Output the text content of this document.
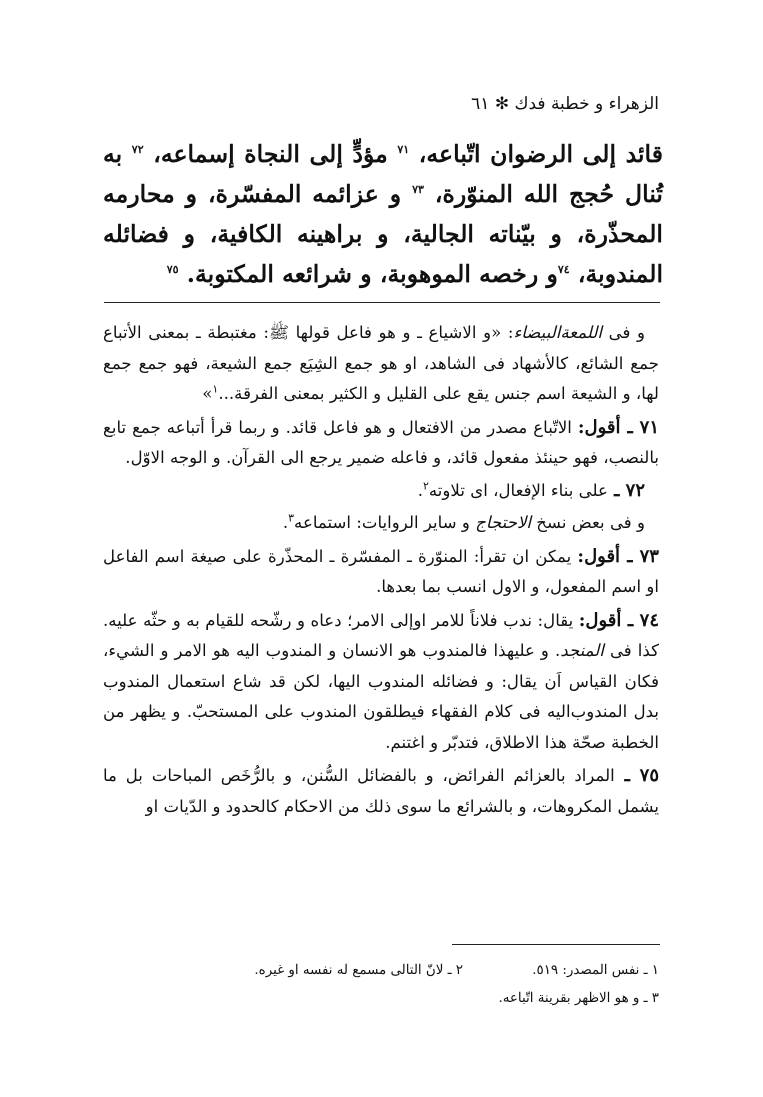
الزهراء و خطبة فدك ✻ ٦١

قائد إلى الرضوان اتّباعه، $^{٧١}$ مؤدٍّ إلى النجاة إسماعه، $^{٧٢}$ به تُنال حُجج الله المنوّرة، $^{٧٣}$ و عزائمه المفسّرة، و محارمه المحذّرة، و بيّناته الجالية، و براهينه الكافية، و فضائله المندوبة، $^{٧٤}$و رخصه الموهوبة، و شرائعه المكتوبة. $^{٧٥}$

و فى اللمعة‌البيضاء: «و الاشياع ـ و هو فاعل قولها ﷺ: مغتبطة ـ بمعنى الأتباع جمع الشائع، كالأشهاد فى الشاهد، او هو جمع الشِيَع جمع الشيعة، فهو جمع جمع لها، و الشيعة اسم جنس يقع على القليل و الكثير بمعنى الفرقة...$^١$»

٧١ ـ أقول: الاتّباع مصدر من الافتعال و هو فاعل قائد. و ربما قرأ أتباعه جمع تابع بالنصب، فهو حينئذ مفعول قائد، و فاعله ضمير يرجع الى القرآن. و الوجه الاوّل.

٧٢ ـ على بناء الإفعال، اى تلاوته$^٢$.

و فى بعض نسخ الاحتجاج و ساير الروايات: استماعه$^٣$.

٧٣ ـ أقول: يمكن ان تقرأ: المنوّرة ـ المفسّرة ـ المحذّرة على صيغة اسم الفاعل او اسم المفعول، و الاول انسب بما بعدها.

٧٤ ـ أقول: يقال: ندب فلاناً للامر اوإلى الامر؛ دعاه و رشّحه للقيام به و حثّه عليه. كذا فى المنجد. و عليهذا فالمندوب هو الانسان و المندوب اليه هو الامر و الشيء، فكان القياس اَن يقال: و فضائله المندوب اليها، لكن قد شاع استعمال المندوب بدل المندوب‌اليه فى كلام الفقهاء فيطلقون المندوب على المستحبّ. و يظهر من الخطبة صحّة هذا الاطلاق، فتدبّر و اغتنم.

٧٥ ـ المراد بالعزائم الفرائض، و بالفضائل السُّنن، و بالرُّخَص المباحات بل ما يشمل المكروهات، و بالشرائع ما سوى ذلك من الاحكام كالحدود و الدّيات او

١ ـ نفس المصدر: ٥١٩.
٢ ـ لانّ التالى مسمع له نفسه او غيره.
٣ ـ و هو الاظهر بقرينة اتّباعه.
